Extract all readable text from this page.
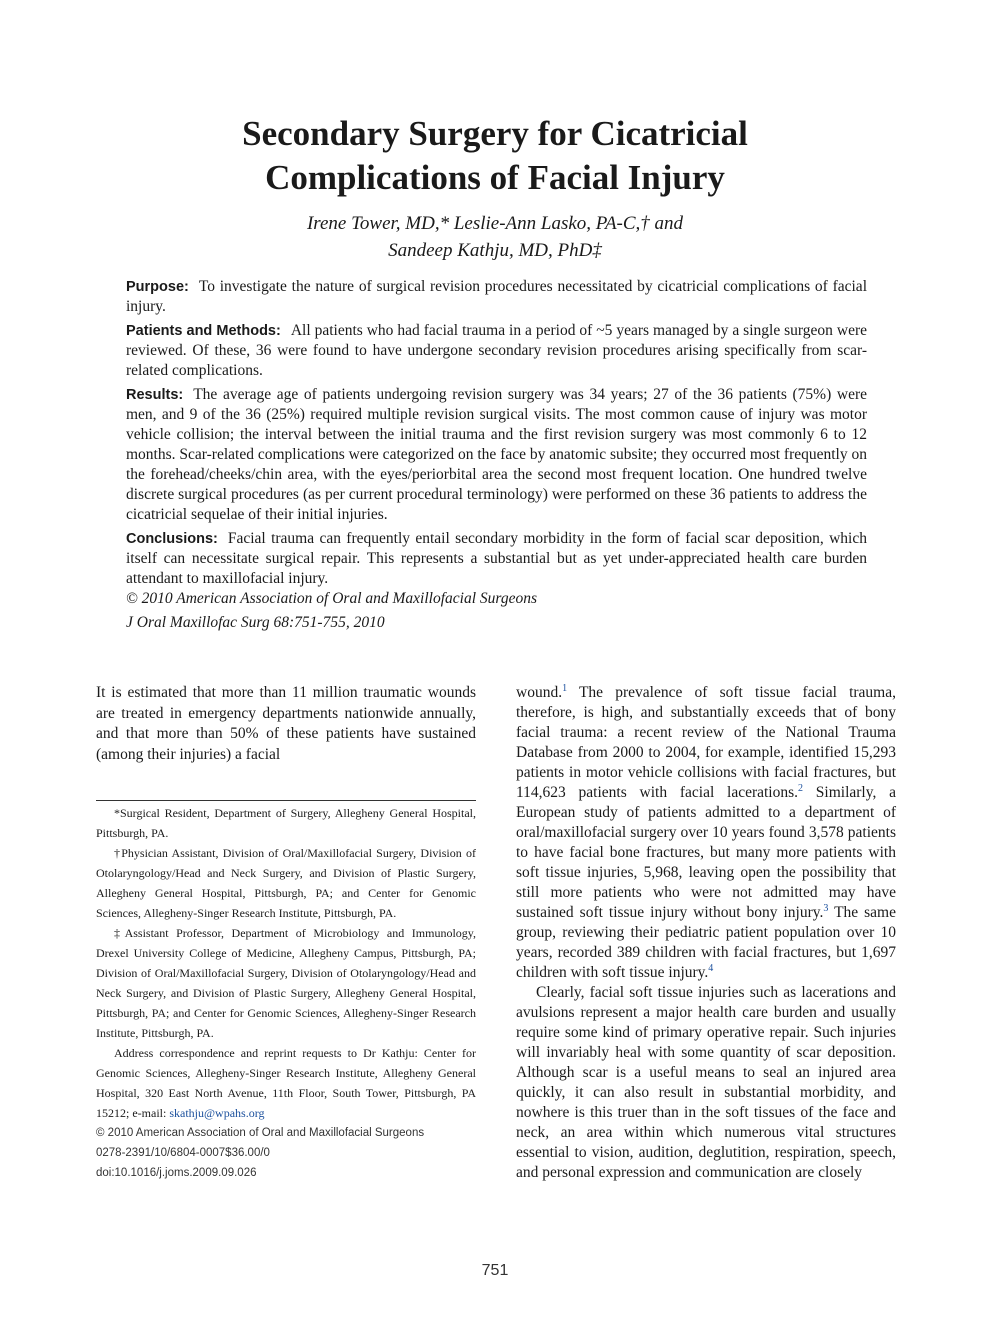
Secondary Surgery for Cicatricial
Complications of Facial Injury
Irene Tower, MD,* Leslie-Ann Lasko, PA-C,† and
Sandeep Kathju, MD, PhD‡

Purpose: To investigate the nature of surgical revision procedures necessitated by cicatricial complications of facial injury.

Patients and Methods: All patients who had facial trauma in a period of ~5 years managed by a single surgeon were reviewed. Of these, 36 were found to have undergone secondary revision procedures arising specifically from scar-related complications.

Results: The average age of patients undergoing revision surgery was 34 years; 27 of the 36 patients (75%) were men, and 9 of the 36 (25%) required multiple revision surgical visits. The most common cause of injury was motor vehicle collision; the interval between the initial trauma and the first revision surgery was most commonly 6 to 12 months. Scar-related complications were categorized on the face by anatomic subsite; they occurred most frequently on the forehead/cheeks/chin area, with the eyes/periorbital area the second most frequent location. One hundred twelve discrete surgical procedures (as per current procedural terminology) were performed on these 36 patients to address the cicatricial sequelae of their initial injuries.

Conclusions: Facial trauma can frequently entail secondary morbidity in the form of facial scar deposition, which itself can necessitate surgical repair. This represents a substantial but as yet under-appreciated health care burden attendant to maxillofacial injury.

© 2010 American Association of Oral and Maxillofacial Surgeons

J Oral Maxillofac Surg 68:751-755, 2010

It is estimated that more than 11 million traumatic wounds are treated in emergency departments nationwide annually, and that more than 50% of these patients have sustained (among their injuries) a facial

*Surgical Resident, Department of Surgery, Allegheny General Hospital, Pittsburgh, PA.

†Physician Assistant, Division of Oral/Maxillofacial Surgery, Division of Otolaryngology/Head and Neck Surgery, and Division of Plastic Surgery, Allegheny General Hospital, Pittsburgh, PA; and Center for Genomic Sciences, Allegheny-Singer Research Institute, Pittsburgh, PA.

‡Assistant Professor, Department of Microbiology and Immunology, Drexel University College of Medicine, Allegheny Campus, Pittsburgh, PA; Division of Oral/Maxillofacial Surgery, Division of Otolaryngology/Head and Neck Surgery, and Division of Plastic Surgery, Allegheny General Hospital, Pittsburgh, PA; and Center for Genomic Sciences, Allegheny-Singer Research Institute, Pittsburgh, PA.

Address correspondence and reprint requests to Dr Kathju: Center for Genomic Sciences, Allegheny-Singer Research Institute, Allegheny General Hospital, 320 East North Avenue, 11th Floor, South Tower, Pittsburgh, PA 15212; e-mail: skathju@wpahs.org

© 2010 American Association of Oral and Maxillofacial Surgeons

0278-2391/10/6804-0007$36.00/0

doi:10.1016/j.joms.2009.09.026

wound.$^1$ The prevalence of soft tissue facial trauma, therefore, is high, and substantially exceeds that of bony facial trauma: a recent review of the National Trauma Database from 2000 to 2004, for example, identified 15,293 patients in motor vehicle collisions with facial fractures, but 114,623 patients with facial lacerations.$^2$ Similarly, a European study of patients admitted to a department of oral/maxillofacial surgery over 10 years found 3,578 patients to have facial bone fractures, but many more patients with soft tissue injuries, 5,968, leaving open the possibility that still more patients who were not admitted may have sustained soft tissue injury without bony injury.$^3$ The same group, reviewing their pediatric patient population over 10 years, recorded 389 children with facial fractures, but 1,697 children with soft tissue injury.$^4$

Clearly, facial soft tissue injuries such as lacerations and avulsions represent a major health care burden and usually require some kind of primary operative repair. Such injuries will invariably heal with some quantity of scar deposition. Although scar is a useful means to seal an injured area quickly, it can also result in substantial morbidity, and nowhere is this truer than in the soft tissues of the face and neck, an area within which numerous vital structures essential to vision, audition, deglutition, respiration, speech, and personal expression and communication are closely

751
